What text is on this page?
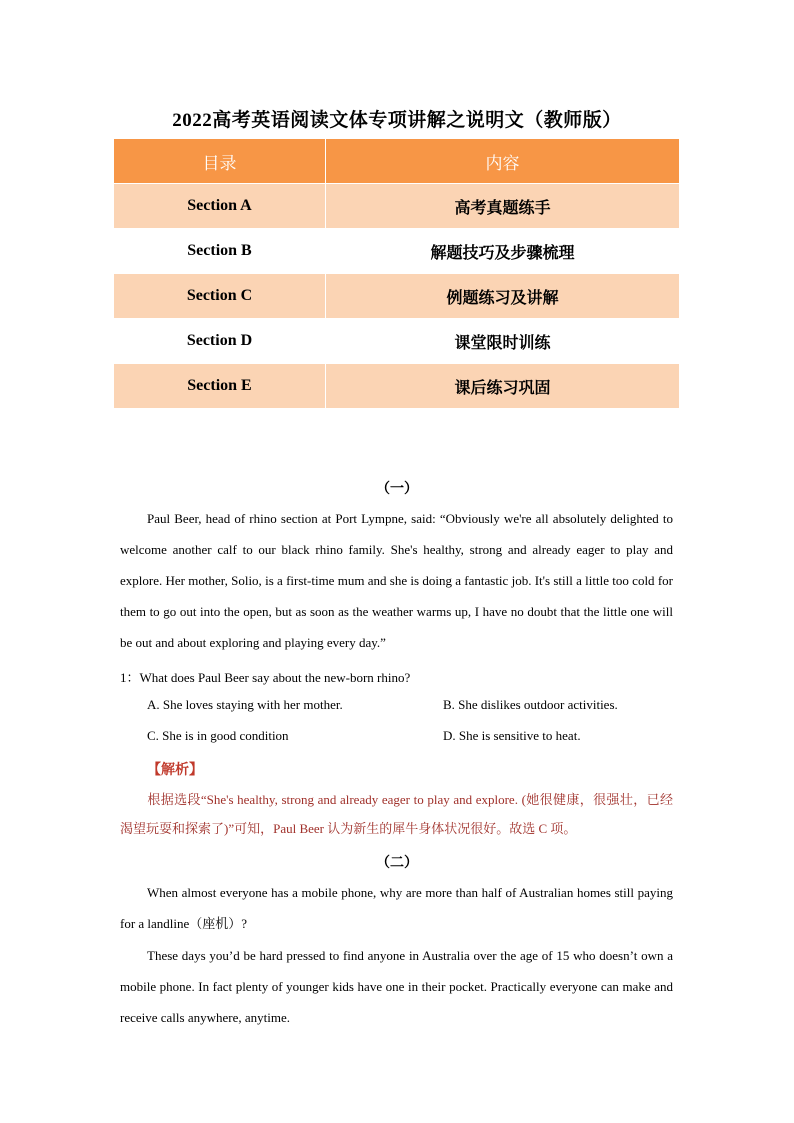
2022高考英语阅读文体专项讲解之说明文（教师版）
目录	内容
Section A	高考真题练手
Section B	解题技巧及步骤梳理
Section C	例题练习及讲解
Section D	课堂限时训练
Section E	课后练习巩固
（一）
Paul Beer, head of rhino section at Port Lympne, said: “Obviously we're all absolutely delighted to welcome another calf to our black rhino family. She's healthy, strong and already eager to play and explore. Her mother, Solio, is a first-time mum and she is doing a fantastic job. It's still a little too cold for them to go out into the open, but as soon as the weather warms up, I have no doubt that the little one will be out and about exploring and playing every day.”
1：What does Paul Beer say about the new-born rhino?
A. She loves staying with her mother.	B. She dislikes outdoor activities.
C. She is in good condition	D. She is sensitive to heat.
【解析】
根据选段“She's healthy, strong and already eager to play and explore. (她很健康，很强壮，已经渴望玩耍和探索了)”可知，Paul Beer 认为新生的犀牛身体状况很好。故选 C 项。
（二）
When almost everyone has a mobile phone, why are more than half of Australian homes still paying for a landline（座机）?
These days you’d be hard pressed to find anyone in Australia over the age of 15 who doesn’t own a mobile phone. In fact plenty of younger kids have one in their pocket. Practically everyone can make and receive calls anywhere, anytime.
